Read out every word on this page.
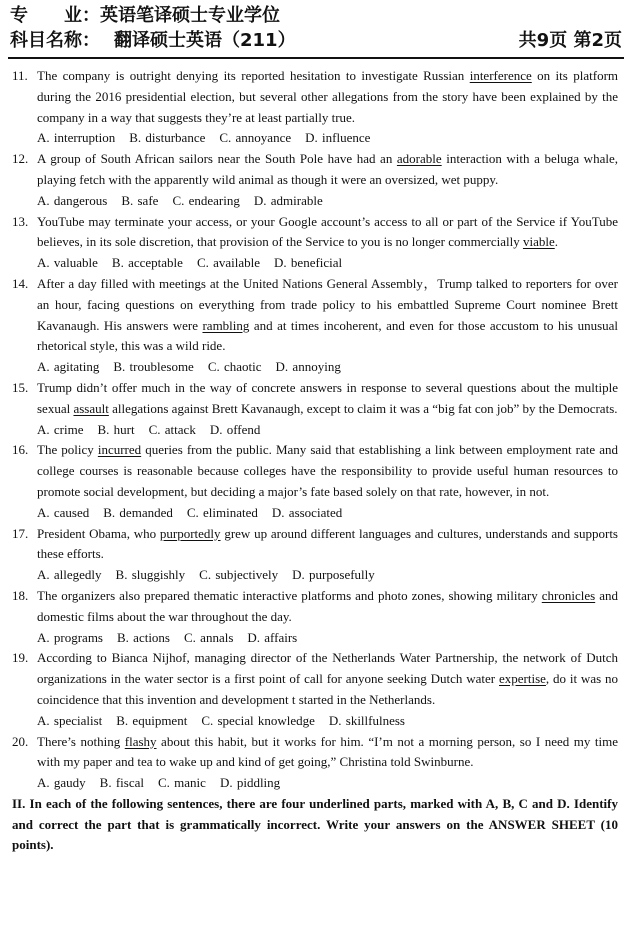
专　　业：英语笔译硕士专业学位
科目名称： 翻译硕士英语（211）	共9页 第2页
11. The company is outright denying its reported hesitation to investigate Russian interference on its platform during the 2016 presidential election, but several other allegations from the story have been explained by the company in a way that suggests they’re at least partially true.
A. interruption B. disturbance C. annoyance D. influence
12. A group of South African sailors near the South Pole have had an adorable interaction with a beluga whale, playing fetch with the apparently wild animal as though it were an oversized, wet puppy.
A. dangerous B. safe C. endearing D. admirable
13. YouTube may terminate your access, or your Google account’s access to all or part of the Service if YouTube believes, in its sole discretion, that provision of the Service to you is no longer commercially viable.
A. valuable B. acceptable C. available D. beneficial
14. After a day filled with meetings at the United Nations General Assembly，Trump talked to reporters for over an hour, facing questions on everything from trade policy to his embattled Supreme Court nominee Brett Kavanaugh. His answers were rambling and at times incoherent, and even for those accustom to his unusual rhetorical style, this was a wild ride.
A. agitating B. troublesome C. chaotic D. annoying
15. Trump didn’t offer much in the way of concrete answers in response to several questions about the multiple sexual assault allegations against Brett Kavanaugh, except to claim it was a “big fat con job” by the Democrats.
A. crime B. hurt C. attack D. offend
16. The policy incurred queries from the public. Many said that establishing a link between employment rate and college courses is reasonable because colleges have the responsibility to provide useful human resources to promote social development, but deciding a major’s fate based solely on that rate, however, in not.
A. caused B. demanded C. eliminated D. associated
17. President Obama, who purportedly grew up around different languages and cultures, understands and supports these efforts.
A. allegedly B. sluggishly C. subjectively D. purposefully
18. The organizers also prepared thematic interactive platforms and photo zones, showing military chronicles and domestic films about the war throughout the day.
A. programs B. actions C. annals D. affairs
19. According to Bianca Nijhof, managing director of the Netherlands Water Partnership, the network of Dutch organizations in the water sector is a first point of call for anyone seeking Dutch water expertise, do it was no coincidence that this invention and development t started in the Netherlands.
A. specialist B. equipment C. special knowledge D. skillfulness
20. There’s nothing flashy about this habit, but it works for him. “I’m not a morning person, so I need my time with my paper and tea to wake up and kind of get going,” Christina told Swinburne.
A. gaudy B. fiscal C. manic D. piddling
II. In each of the following sentences, there are four underlined parts, marked with A, B, C and D. Identify and correct the part that is grammatically incorrect. Write your answers on the ANSWER SHEET (10 points).
